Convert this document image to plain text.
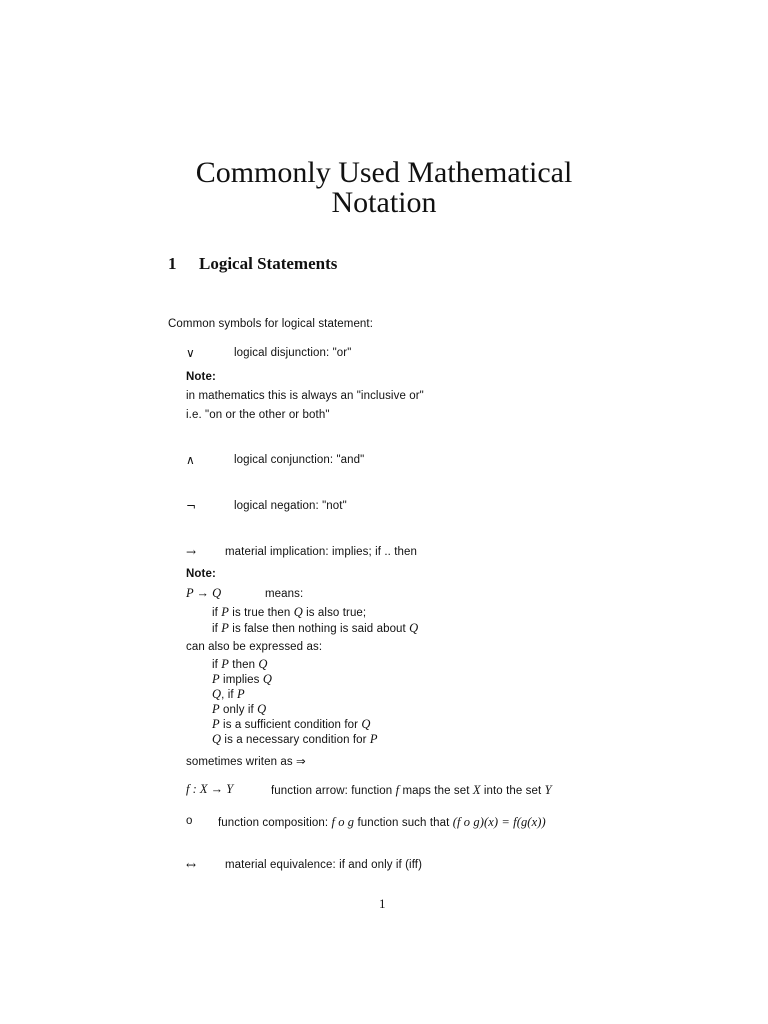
Commonly Used Mathematical
Notation
1 Logical Statements
Common symbols for logical statement:
∨	logical disjunction: "or"
Note:
in mathematics this is always an "inclusive or"
i.e. "on or the other or both"
∧	logical conjunction: "and"
¬	logical negation: "not"
→	material implication: implies; if .. then
Note:
P → Q	means:
if P is true then Q is also true;
if P is false then nothing is said about Q
can also be expressed as:
if P then Q
P implies Q
Q, if P
P only if Q
P is a sufficient condition for Q
Q is a necessary condition for P
sometimes writen as ⇒
f : X → Y	function arrow: function f maps the set X into the set Y
o function composition: f o g function such that (f o g)(x) = f(g(x))
↔	material equivalence: if and only if (iff)
1
